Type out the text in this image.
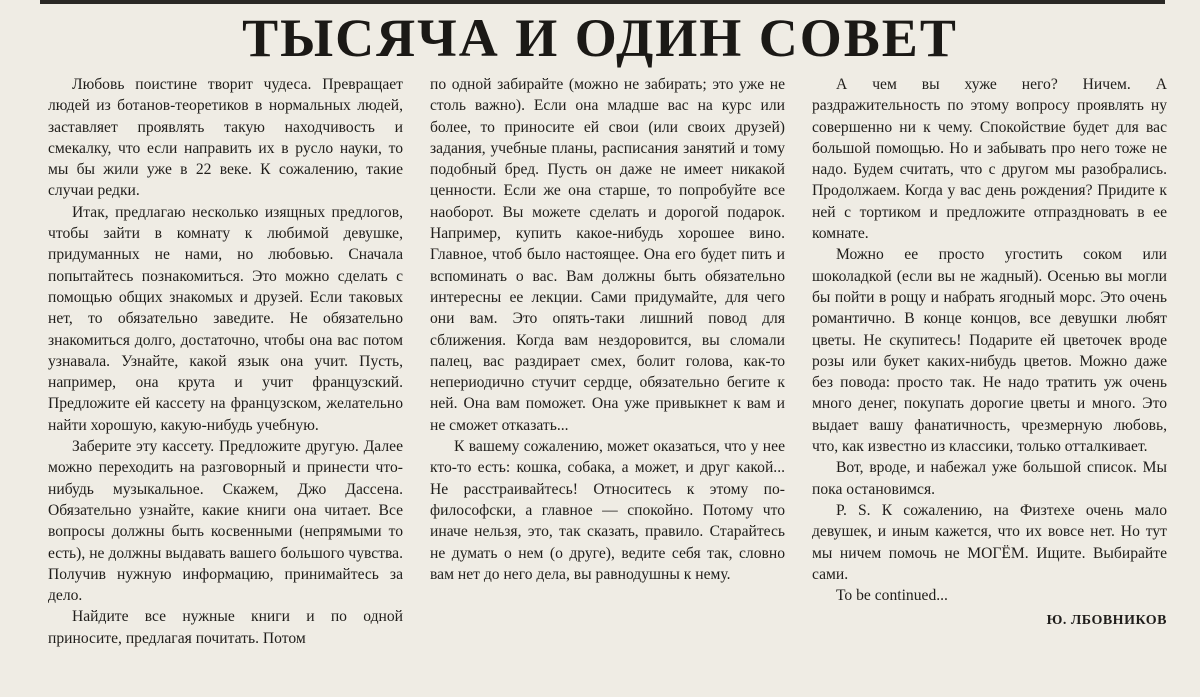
ТЫСЯЧА И ОДИН СОВЕТ

Любовь поистине творит чудеса. Превращает людей из ботанов-теоретиков в нормальных людей, заставляет проявлять такую находчивость и смекалку, что если направить их в русло науки, то мы бы жили уже в 22 веке. К сожалению, такие случаи редки.

Итак, предлагаю несколько изящных предлогов, чтобы зайти в комнату к любимой девушке, придуманных не нами, но любовью. Сначала попытайтесь познакомиться. Это можно сделать с помощью общих знакомых и друзей. Если таковых нет, то обязательно заведите. Не обязательно знакомиться долго, достаточно, чтобы она вас потом узнавала. Узнайте, какой язык она учит. Пусть, например, она крута и учит французский. Предложите ей кассету на французском, желательно найти хорошую, какую-нибудь учебную.

Заберите эту кассету. Предложите другую. Далее можно переходить на разговорный и принести что-нибудь музыкальное. Скажем, Джо Дассена. Обязательно узнайте, какие книги она читает. Все вопросы должны быть косвенными (непрямыми то есть), не должны выдавать вашего большого чувства. Получив нужную информацию, принимайтесь за дело.

Найдите все нужные книги и по одной приносите, предлагая почитать. Потом

по одной забирайте (можно не забирать; это уже не столь важно). Если она младше вас на курс или более, то приносите ей свои (или своих друзей) задания, учебные планы, расписания занятий и тому подобный бред. Пусть он даже не имеет никакой ценности. Если же она старше, то попробуйте все наоборот. Вы можете сделать и дорогой подарок. Например, купить какое-нибудь хорошее вино. Главное, чтоб было настоящее. Она его будет пить и вспоминать о вас. Вам должны быть обязательно интересны ее лекции. Сами придумайте, для чего они вам. Это опять-таки лишний повод для сближения. Когда вам нездоровится, вы сломали палец, вас раздирает смех, болит голова, как-то непериодично стучит сердце, обязательно бегите к ней. Она вам поможет. Она уже привыкнет к вам и не сможет отказать...

К вашему сожалению, может оказаться, что у нее кто-то есть: кошка, собака, а может, и друг какой... Не расстраивайтесь! Относитесь к этому по-философски, а главное — спокойно. Потому что иначе нельзя, это, так сказать, правило. Старайтесь не думать о нем (о друге), ведите себя так, словно вам нет до него дела, вы равнодушны к нему.

А чем вы хуже него? Ничем. А раздражительность по этому вопросу проявлять ну совершенно ни к чему. Спокойствие будет для вас большой помощью. Но и забывать про него тоже не надо. Будем считать, что с другом мы разобрались. Продолжаем. Когда у вас день рождения? Придите к ней с тортиком и предложите отпраздновать в ее комнате.

Можно ее просто угостить соком или шоколадкой (если вы не жадный). Осенью вы могли бы пойти в рощу и набрать ягодный морс. Это очень романтично. В конце концов, все девушки любят цветы. Не скупитесь! Подарите ей цветочек вроде розы или букет каких-нибудь цветов. Можно даже без повода: просто так. Не надо тратить уж очень много денег, покупать дорогие цветы и много. Это выдает вашу фанатичность, чрезмерную любовь, что, как известно из классики, только отталкивает.

Вот, вроде, и набежал уже большой список. Мы пока остановимся.

P. S. К сожалению, на Физтехе очень мало девушек, и иным кажется, что их вовсе нет. Но тут мы ничем помочь не МОГЁМ. Ищите. Выбирайте сами.

To be continued...

Ю. ЛБОВНИКОВ
